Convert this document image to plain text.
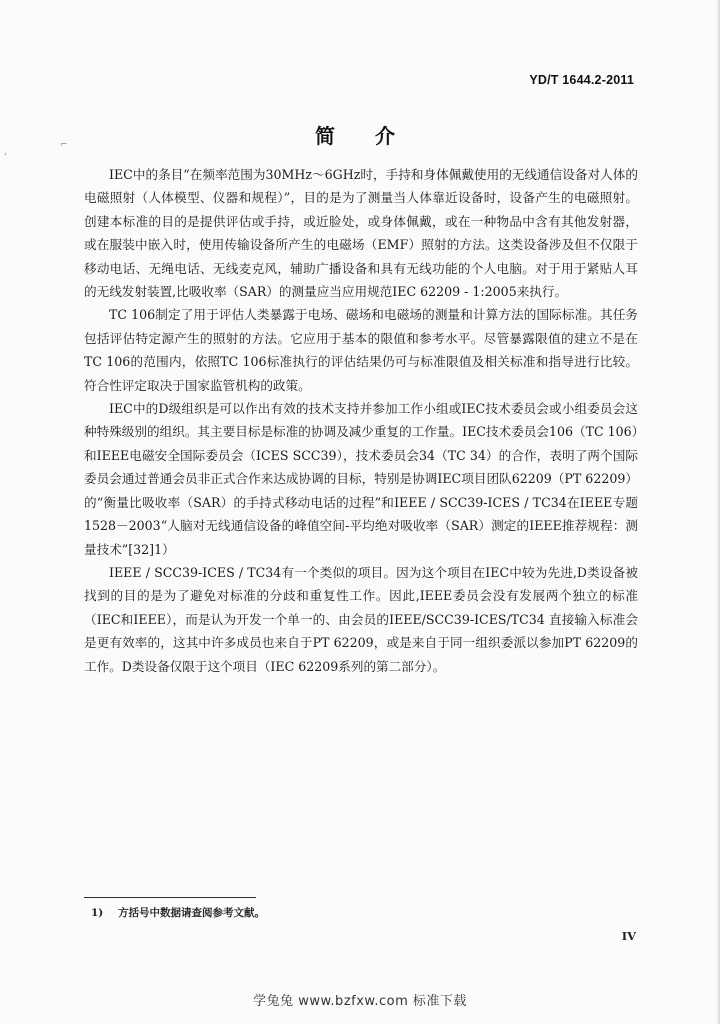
YD/T 1644.2-2011
简　介
⌐
,

IEC中的条目“在频率范围为30MHz～6GHz时，手持和身体佩戴使用的无线通信设备对人体的电磁照射（人体模型、仪器和规程）”，目的是为了测量当人体靠近设备时，设备产生的电磁照射。创建本标准的目的是提供评估或手持，或近脸处，或身体佩戴，或在一种物品中含有其他发射器，或在服装中嵌入时，使用传输设备所产生的电磁场（EMF）照射的方法。这类设备涉及但不仅限于移动电话、无绳电话、无线麦克风，辅助广播设备和具有无线功能的个人电脑。对于用于紧贴人耳的无线发射装置,比吸收率（SAR）的测量应当应用规范IEC 62209 - 1:2005来执行。

TC 106制定了用于评估人类暴露于电场、磁场和电磁场的测量和计算方法的国际标准。其任务包括评估特定源产生的照射的方法。它应用于基本的限值和参考水平。尽管暴露限值的建立不是在TC 106的范围内，依照TC 106标准执行的评估结果仍可与标准限值及相关标准和指导进行比较。符合性评定取决于国家监管机构的政策。

IEC中的D级组织是可以作出有效的技术支持并参加工作小组或IEC技术委员会或小组委员会这种特殊级别的组织。其主要目标是标准的协调及减少重复的工作量。IEC技术委员会106（TC 106）和IEEE电磁安全国际委员会（ICES SCC39），技术委员会34（TC 34）的合作，表明了两个国际委员会通过普通会员非正式合作来达成协调的目标，特别是协调IEC项目团队62209（PT 62209）的“衡量比吸收率（SAR）的手持式移动电话的过程”和IEEE / SCC39-ICES / TC34在IEEE专题1528－2003“人脑对无线通信设备的峰值空间-平均绝对吸收率（SAR）测定的IEEE推荐规程：测量技术”[32]1）

IEEE / SCC39-ICES / TC34有一个类似的项目。因为这个项目在IEC中较为先进,D类设备被找到的目的是为了避免对标准的分歧和重复性工作。因此,IEEE委员会没有发展两个独立的标准（IEC和IEEE），而是认为开发一个单一的、由会员的IEEE/SCC39-ICES/TC34 直接输入标准会是更有效率的，这其中许多成员也来自于PT 62209，或是来自于同一组织委派以参加PT 62209的工作。D类设备仅限于这个项目（IEC 62209系列的第二部分）。

1) 方括号中数据请查阅参考文献。
IV
学兔兔 www.bzfxw.com 标准下载
